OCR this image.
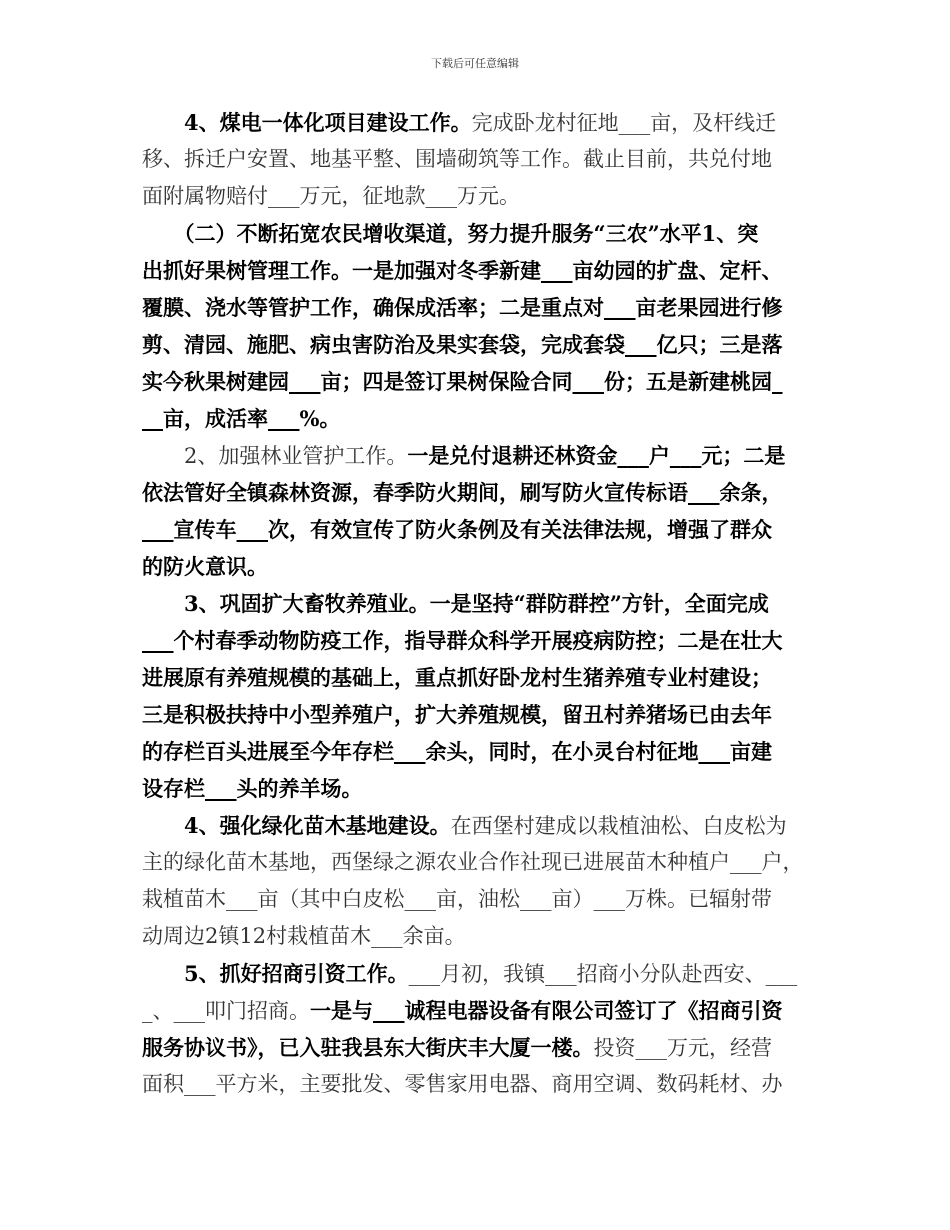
下载后可任意编辑
　　4、煤电一体化项目建设工作。完成卧龙村征地___亩，及杆线迁
移、拆迁户安置、地基平整、围墙砌筑等工作。截止目前，共兑付地
面附属物赔付___万元，征地款___万元。
　　（二）不断拓宽农民增收渠道，努力提升服务“三农”水平1、突
出抓好果树管理工作。一是加强对冬季新建___亩幼园的扩盘、定杆、
覆膜、浇水等管护工作，确保成活率；二是重点对___亩老果园进行修
剪、清园、施肥、病虫害防治及果实套袋，完成套袋___亿只；三是落
实今秋果树建园___亩；四是签订果树保险合同___份；五是新建桃园_
__亩，成活率___%。
　　2、加强林业管护工作。一是兑付退耕还林资金___户___元；二是
依法管好全镇森林资源，春季防火期间，刷写防火宣传标语___余条，
___宣传车___次，有效宣传了防火条例及有关法律法规，增强了群众
的防火意识。
　　3、巩固扩大畜牧养殖业。一是坚持“群防群控”方针，全面完成
___个村春季动物防疫工作，指导群众科学开展疫病防控；二是在壮大
进展原有养殖规模的基础上，重点抓好卧龙村生猪养殖专业村建设；
三是积极扶持中小型养殖户，扩大养殖规模，留丑村养猪场已由去年
的存栏百头进展至今年存栏___余头，同时，在小灵台村征地___亩建
设存栏___头的养羊场。
　　4、强化绿化苗木基地建设。在西堡村建成以栽植油松、白皮松为
主的绿化苗木基地，西堡绿之源农业合作社现已进展苗木种植户___户，
栽植苗木___亩（其中白皮松___亩，油松___亩）___万株。已辐射带
动周边2镇12村栽植苗木___余亩。
　　5、抓好招商引资工作。___月初，我镇___招商小分队赴西安、___
_、___叩门招商。一是与___诚程电器设备有限公司签订了《招商引资
服务协议书》，已入驻我县东大街庆丰大厦一楼。投资___万元，经营
面积___平方米，主要批发、零售家用电器、商用空调、数码耗材、办
